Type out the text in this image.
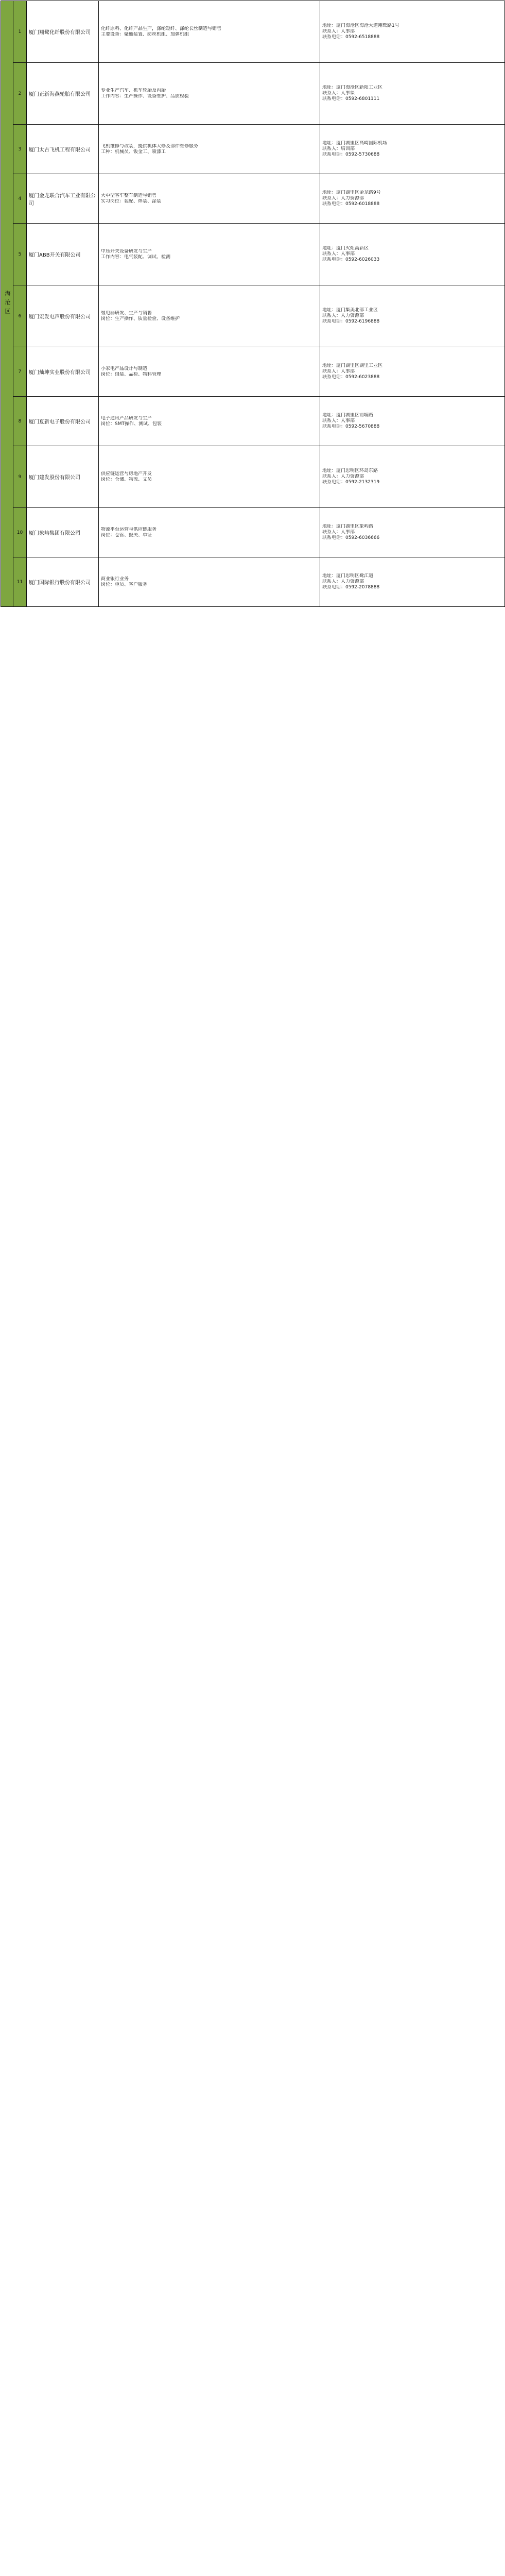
海沧区	1	厦门翔鹭化纤股份有限公司	化纤原料、化纤产品生产，涤纶短纤、涤纶长丝制造与销售
主要设备：聚酯装置、纺丝机组、加弹机组	地址：厦门海沧区海沧大道翔鹭路1号
联系人：人事部
联系电话：0592-6518888

	2	厦门正新海燕轮胎有限公司	专业生产汽车、机车轮胎及内胎
工作内容：生产操作、设备维护、品质检验	地址：厦门海沧区新阳工业区
联系人：人事课
联系电话：0592-6801111

	3	厦门太古飞机工程有限公司	飞机维修与改装，提供机体大修及部件维修服务
工种：机械员、钣金工、喷漆工	地址：厦门湖里区高崎国际机场
联系人：培训部
联系电话：0592-5730688

	4	厦门金龙联合汽车工业有限公司	大中型客车整车制造与销售
实习岗位：装配、焊装、涂装	地址：厦门湖里区金龙路9号
联系人：人力资源部
联系电话：0592-6018888

	5	厦门ABB开关有限公司	中压开关设备研发与生产
工作内容：电气装配、调试、检测	地址：厦门火炬高新区
联系人：人事部
联系电话：0592-6026033

	6	厦门宏发电声股份有限公司	继电器研发、生产与销售
岗位：生产操作、质量检验、设备维护	地址：厦门集美北部工业区
联系人：人力资源部
联系电话：0592-6196888

	7	厦门灿坤实业股份有限公司	小家电产品设计与制造
岗位：组装、品检、物料管理	地址：厦门湖里区湖里工业区
联系人：人事部
联系电话：0592-6023888

	8	厦门夏新电子股份有限公司	电子通讯产品研发与生产
岗位：SMT操作、测试、包装	地址：厦门湖里区前埔路
联系人：人事部
联系电话：0592-5670888

	9	厦门建发股份有限公司	供应链运营与房地产开发
岗位：仓储、物流、文员	地址：厦门思明区环岛东路
联系人：人力资源部
联系电话：0592-2132319

	10	厦门象屿集团有限公司	物流平台运营与供应链服务
岗位：仓管、报关、单证	地址：厦门湖里区象屿路
联系人：人事部
联系电话：0592-6036666

	11	厦门国际银行股份有限公司	商业银行业务
岗位：柜员、客户服务	地址：厦门思明区鹭江道
联系人：人力资源部
联系电话：0592-2078888
